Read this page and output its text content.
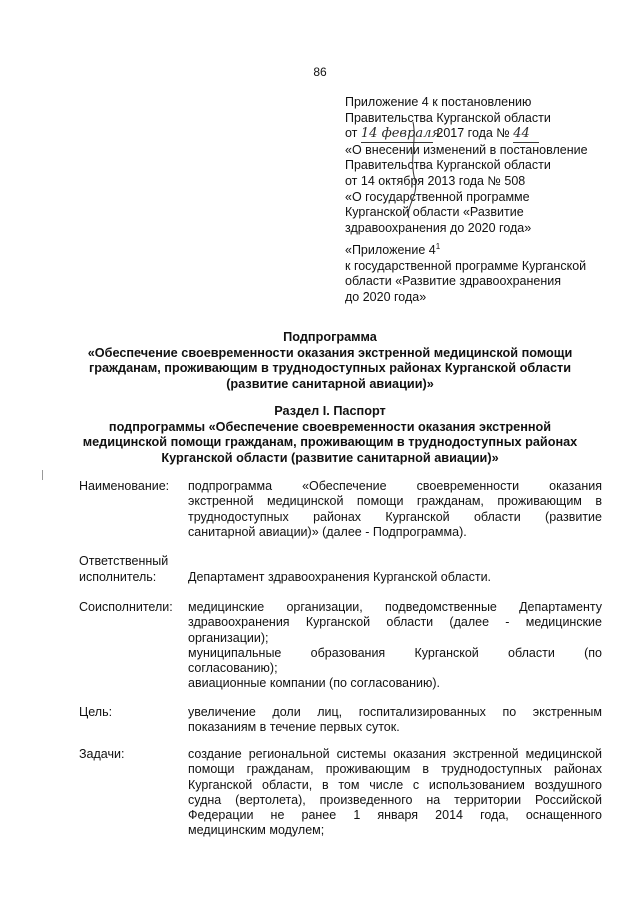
86
Приложение 4 к постановлению
Правительства Курганской области
от 14 февраля 2017 года № 44
«О внесении изменений в постановление
Правительства Курганской области
от 14 октября 2013 года № 508
«О государственной программе
Курганской области «Развитие
здравоохранения до 2020 года»
«Приложение $4^1$
к государственной программе Курганской
области «Развитие здравоохранения
до 2020 года»
Подпрограмма
«Обеспечение своевременности оказания экстренной медицинской помощи
гражданам, проживающим в труднодоступных районах Курганской области
(развитие санитарной авиации)»
Раздел I. Паспорт
подпрограммы «Обеспечение своевременности оказания экстренной
медицинской помощи гражданам, проживающим в труднодоступных районах
Курганской области (развитие санитарной авиации)»
Наименование: подпрограмма «Обеспечение своевременности оказания
экстренной медицинской помощи гражданам, проживающим в
труднодоступных районах Курганской области (развитие
санитарной авиации)» (далее - Подпрограмма).
Ответственный
исполнитель:	Департамент здравоохранения Курганской области.
Соисполнители: медицинские организации, подведомственные Департаменту
здравоохранения Курганской области (далее - медицинские
организации);
муниципальные образования Курганской области (по
согласованию);
авиационные компании (по согласованию).
Цель:	увеличение доли лиц, госпитализированных по экстренным
показаниям в течение первых суток.
Задачи:	создание региональной системы оказания экстренной медицинской
помощи гражданам, проживающим в труднодоступных районах
Курганской области, в том числе с использованием воздушного
судна (вертолета), произведенного на территории Российской
Федерации не ранее 1 января 2014 года, оснащенного
медицинским модулем;
